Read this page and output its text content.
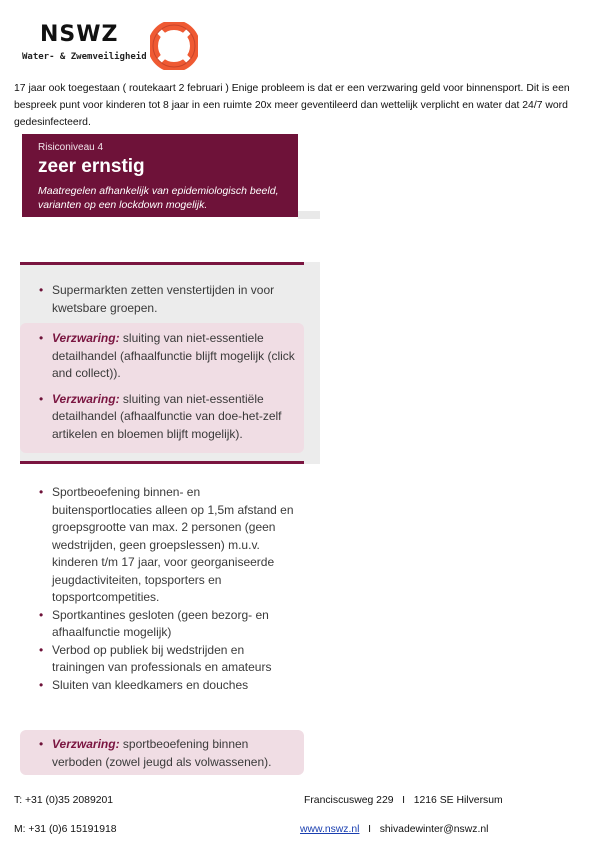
NSWZ
Water- & Zwemveiligheid
17 jaar ook toegestaan ( routekaart 2 februari ) Enige probleem is dat er een verzwaring geld voor binnensport. Dit is een bespreek punt voor kinderen tot 8 jaar in een ruimte 20x meer geventileerd dan wettelijk verplicht en water dat 24/7 word gedesinfecteerd.
Risiconiveau 4
zeer ernstig
Maatregelen afhankelijk van epidemiologisch beeld, varianten op een lockdown mogelijk.
• Supermarkten zetten venstertijden in voor kwetsbare groepen.
• Verzwaring: sluiting van niet-essentiele detailhandel (afhaalfunctie blijft mogelijk (click and collect)).
• Verzwaring: sluiting van niet-essentiële detailhandel (afhaalfunctie van doe-het-zelf artikelen en bloemen blijft mogelijk).
• Sportbeoefening binnen- en buitensportlocaties alleen op 1,5m afstand en groepsgrootte van max. 2 personen (geen wedstrijden, geen groepslessen) m.u.v. kinderen t/m 17 jaar, voor georganiseerde jeugdactiviteiten, topsporters en topsportcompetities.
• Sportkantines gesloten (geen bezorg- en afhaalfunctie mogelijk)
• Verbod op publiek bij wedstrijden en trainingen van professionals en amateurs
• Sluiten van kleedkamers en douches
• Verzwaring: sportbeoefening binnen verboden (zowel jeugd als volwassenen).
T: +31 (0)35 2089201
M: +31 (0)6 15191918
Franciscusweg 229   I   1216 SE Hilversum
www.nswz.nl   I   shivadewinter@nswz.nl
